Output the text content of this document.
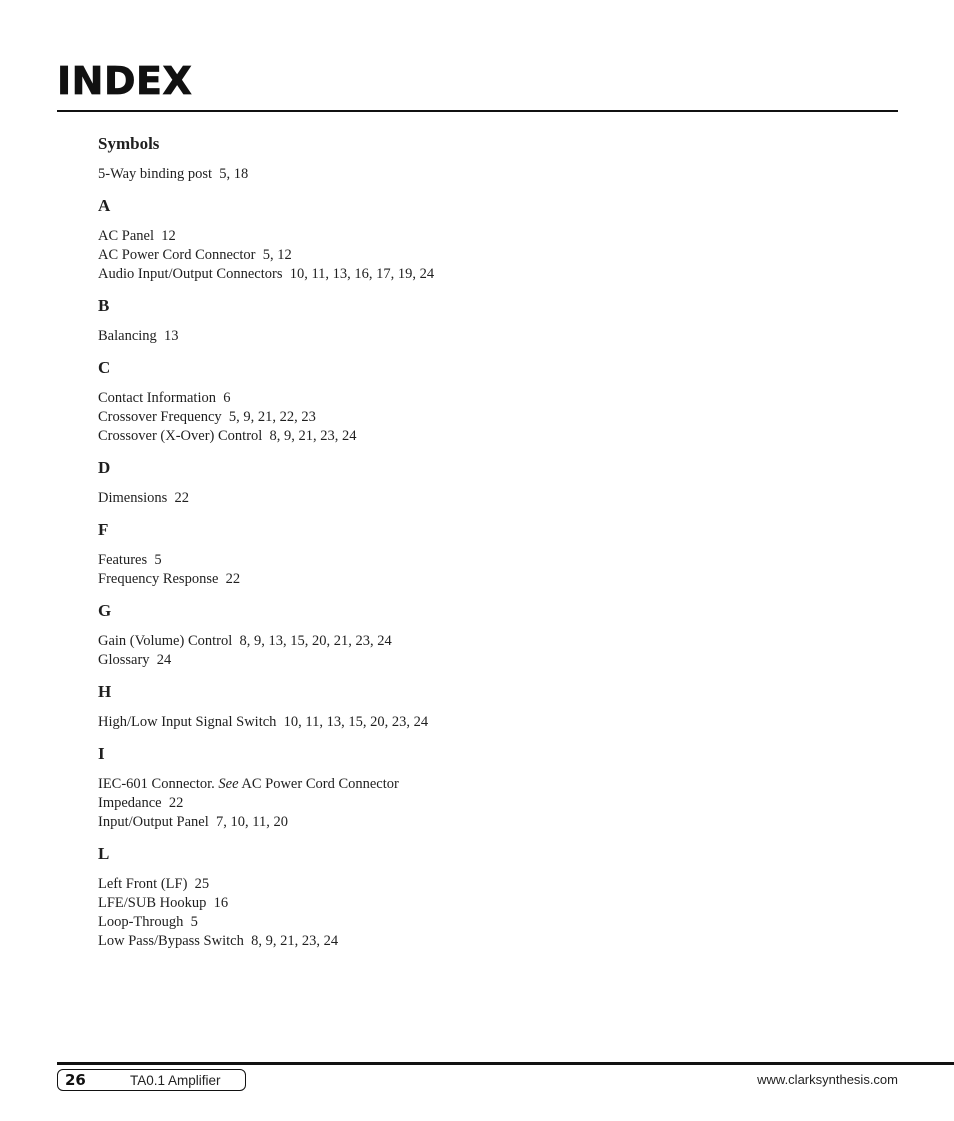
INDEX
Symbols
5-Way binding post  5, 18
A
AC Panel  12
AC Power Cord Connector  5, 12
Audio Input/Output Connectors  10, 11, 13, 16, 17, 19, 24
B
Balancing  13
C
Contact Information  6
Crossover Frequency  5, 9, 21, 22, 23
Crossover (X-Over) Control  8, 9, 21, 23, 24
D
Dimensions  22
F
Features  5
Frequency Response  22
G
Gain (Volume) Control  8, 9, 13, 15, 20, 21, 23, 24
Glossary  24
H
High/Low Input Signal Switch  10, 11, 13, 15, 20, 23, 24
I
IEC-601 Connector. See AC Power Cord Connector
Impedance  22
Input/Output Panel  7, 10, 11, 20
L
Left Front (LF)  25
LFE/SUB Hookup  16
Loop-Through  5
Low Pass/Bypass Switch  8, 9, 21, 23, 24
26	TA0.1 Amplifier	www.clarksynthesis.com
